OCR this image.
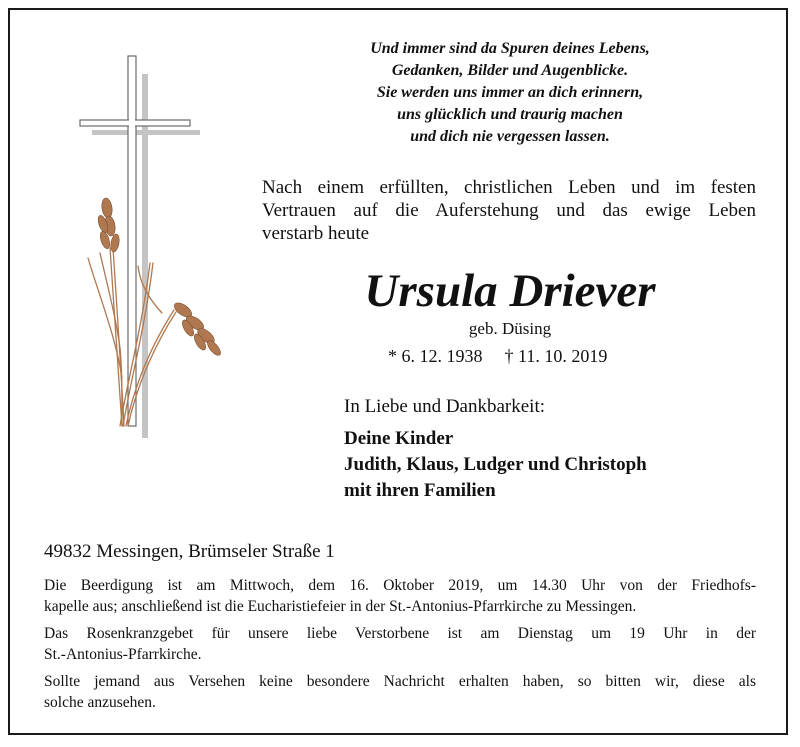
Und immer sind da Spuren deines Lebens,
Gedanken, Bilder und Augenblicke.
Sie werden uns immer an dich erinnern,
uns glücklich und traurig machen
und dich nie vergessen lassen.
Nach einem erfüllten, christlichen Leben und im festen
Vertrauen auf die Auferstehung und das ewige Leben
verstarb heute
Ursula Driever
geb. Düsing
* 6. 12. 1938 † 11. 10. 2019
In Liebe und Dankbarkeit:
Deine Kinder
Judith, Klaus, Ludger und Christoph
mit ihren Familien
49832 Messingen, Brümseler Straße 1
Die Beerdigung ist am Mittwoch, dem 16. Oktober 2019, um 14.30 Uhr von der Friedhofs-
kapelle aus; anschließend ist die Eucharistiefeier in der St.-Antonius-Pfarrkirche zu Messingen.
Das Rosenkranzgebet für unsere liebe Verstorbene ist am Dienstag um 19 Uhr in der
St.-Antonius-Pfarrkirche.
Sollte jemand aus Versehen keine besondere Nachricht erhalten haben, so bitten wir, diese als
solche anzusehen.
